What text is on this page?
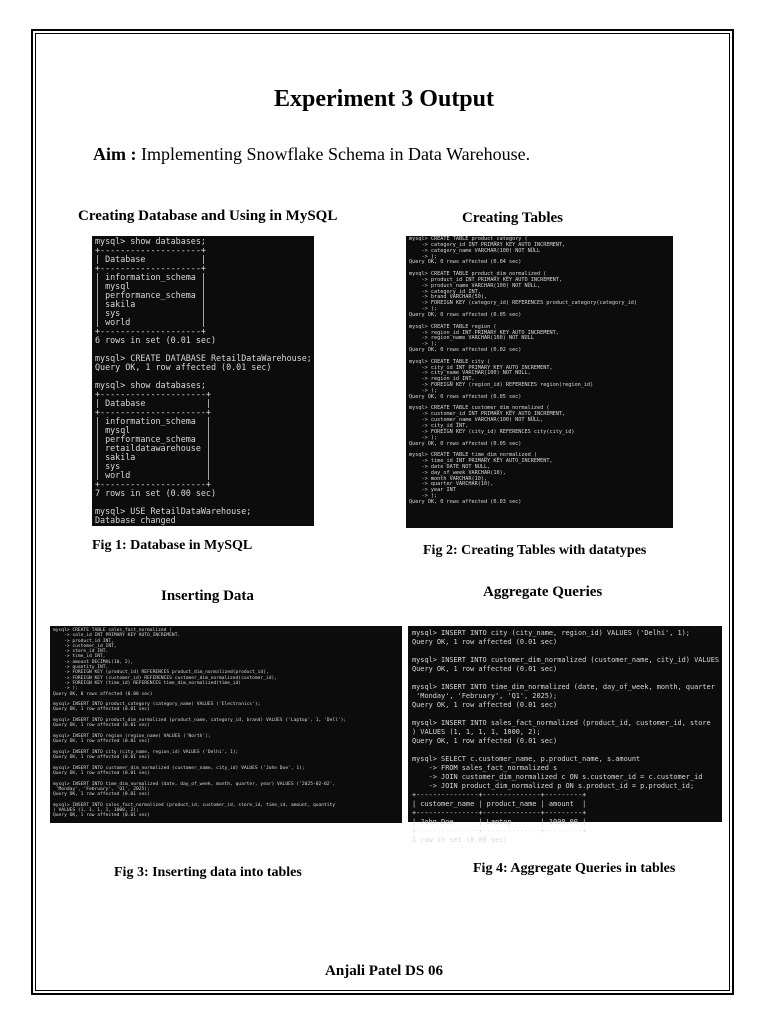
Experiment 3 Output
Aim : Implementing Snowflake Schema in Data Warehouse.
Creating Database and Using in MySQL	Creating Tables
mysql> show databases;
+--------------------+
| Database           |
+--------------------+
| information_schema |
| mysql              |
| performance_schema |
| sakila             |
| sys                |
| world              |
+--------------------+
6 rows in set (0.01 sec)

mysql> CREATE DATABASE RetailDataWarehouse;
Query OK, 1 row affected (0.01 sec)

mysql> show databases;
+---------------------+
| Database            |
+---------------------+
| information_schema  |
| mysql               |
| performance_schema  |
| retaildatawarehouse |
| sakila              |
| sys                 |
| world               |
+---------------------+
7 rows in set (0.00 sec)

mysql> USE RetailDataWarehouse;
Database changed
mysql> CREATE TABLE product_category (
-> category_id INT PRIMARY KEY AUTO_INCREMENT,
-> category_name VARCHAR(100) NOT NULL
-> );
Query OK, 0 rows affected (0.04 sec)

mysql> CREATE TABLE product_dim_normalized (
-> product_id INT PRIMARY KEY AUTO_INCREMENT,
-> product_name VARCHAR(100) NOT NULL,
-> category_id INT,
-> brand VARCHAR(50),
-> FOREIGN KEY (category_id) REFERENCES product_category(category_id)
-> );
Query OK, 0 rows affected (0.05 sec)

mysql> CREATE TABLE region (
-> region_id INT PRIMARY KEY AUTO_INCREMENT,
-> region_name VARCHAR(100) NOT NULL
-> );
Query OK, 0 rows affected (0.02 sec)

mysql> CREATE TABLE city (
-> city_id INT PRIMARY KEY AUTO_INCREMENT,
-> city_name VARCHAR(100) NOT NULL,
-> region_id INT,
-> FOREIGN KEY (region_id) REFERENCES region(region_id)
-> );
Query OK, 0 rows affected (0.05 sec)

mysql> CREATE TABLE customer_dim_normalized (
-> customer_id INT PRIMARY KEY AUTO_INCREMENT,
-> customer_name VARCHAR(100) NOT NULL,
-> city_id INT,
-> FOREIGN KEY (city_id) REFERENCES city(city_id)
-> );
Query OK, 0 rows affected (0.05 sec)

mysql> CREATE TABLE time_dim_normalized (
-> time_id INT PRIMARY KEY AUTO_INCREMENT,
-> date DATE NOT NULL,
-> day_of_week VARCHAR(10),
-> month VARCHAR(10),
-> quarter VARCHAR(10),
-> year INT
-> );
Query OK, 0 rows affected (0.03 sec)
Fig 1: Database in MySQL	Fig 2: Creating Tables with datatypes
Inserting Data	Aggregate Queries
mysql> CREATE TABLE sales_fact_normalized (
-> sale_id INT PRIMARY KEY AUTO_INCREMENT,
-> product_id INT,
-> customer_id INT,
-> store_id INT,
-> time_id INT,
-> amount DECIMAL(10, 2),
-> quantity INT,
-> FOREIGN KEY (product_id) REFERENCES product_dim_normalized(product_id),
-> FOREIGN KEY (customer_id) REFERENCES customer_dim_normalized(customer_id),
-> FOREIGN KEY (time_id) REFERENCES time_dim_normalized(time_id)
-> );
Query OK, 0 rows affected (0.08 sec)

mysql> INSERT INTO product_category (category_name) VALUES ('Electronics');
Query OK, 1 row affected (0.01 sec)

mysql> INSERT INTO product_dim_normalized (product_name, category_id, brand) VALUES ('Laptop', 1, 'Dell');
Query OK, 1 row affected (0.01 sec)

mysql> INSERT INTO region (region_name) VALUES ('North');
Query OK, 1 row affected (0.01 sec)

mysql> INSERT INTO city (city_name, region_id) VALUES ('Delhi', 1);
Query OK, 1 row affected (0.01 sec)

mysql> INSERT INTO customer_dim_normalized (customer_name, city_id) VALUES ('John Doe', 1);
Query OK, 1 row affected (0.01 sec)

mysql> INSERT INTO time_dim_normalized (date, day_of_week, month, quarter, year) VALUES ('2025-02-02',
'Monday', 'February', 'Q1', 2025);
Query OK, 1 row affected (0.01 sec)

mysql> INSERT INTO sales_fact_normalized (product_id, customer_id, store_id, time_id, amount, quantity
) VALUES (1, 1, 1, 1, 1000, 2);
Query OK, 1 row affected (0.01 sec)
mysql> INSERT INTO city (city_name, region_id) VALUES ('Delhi', 1);
Query OK, 1 row affected (0.01 sec)

mysql> INSERT INTO customer_dim_normalized (customer_name, city_id) VALUES
Query OK, 1 row affected (0.01 sec)

mysql> INSERT INTO time_dim_normalized (date, day_of_week, month, quarter
'Monday', 'February', 'Q1', 2025);
Query OK, 1 row affected (0.01 sec)

mysql> INSERT INTO sales_fact_normalized (product_id, customer_id, store
) VALUES (1, 1, 1, 1, 1000, 2);
Query OK, 1 row affected (0.01 sec)

mysql> SELECT c.customer_name, p.product_name, s.amount
-> FROM sales_fact_normalized s
-> JOIN customer_dim_normalized c ON s.customer_id = c.customer_id
-> JOIN product_dim_normalized p ON s.product_id = p.product_id;
+---------------+--------------+---------+
| customer_name | product_name | amount  |
+---------------+--------------+---------+
| John Doe      | Laptop       | 1000.00 |
+---------------+--------------+---------+
1 row in set (0.00 sec)
Fig 3: Inserting data into tables	Fig 4: Aggregate Queries in tables
Anjali Patel DS 06
